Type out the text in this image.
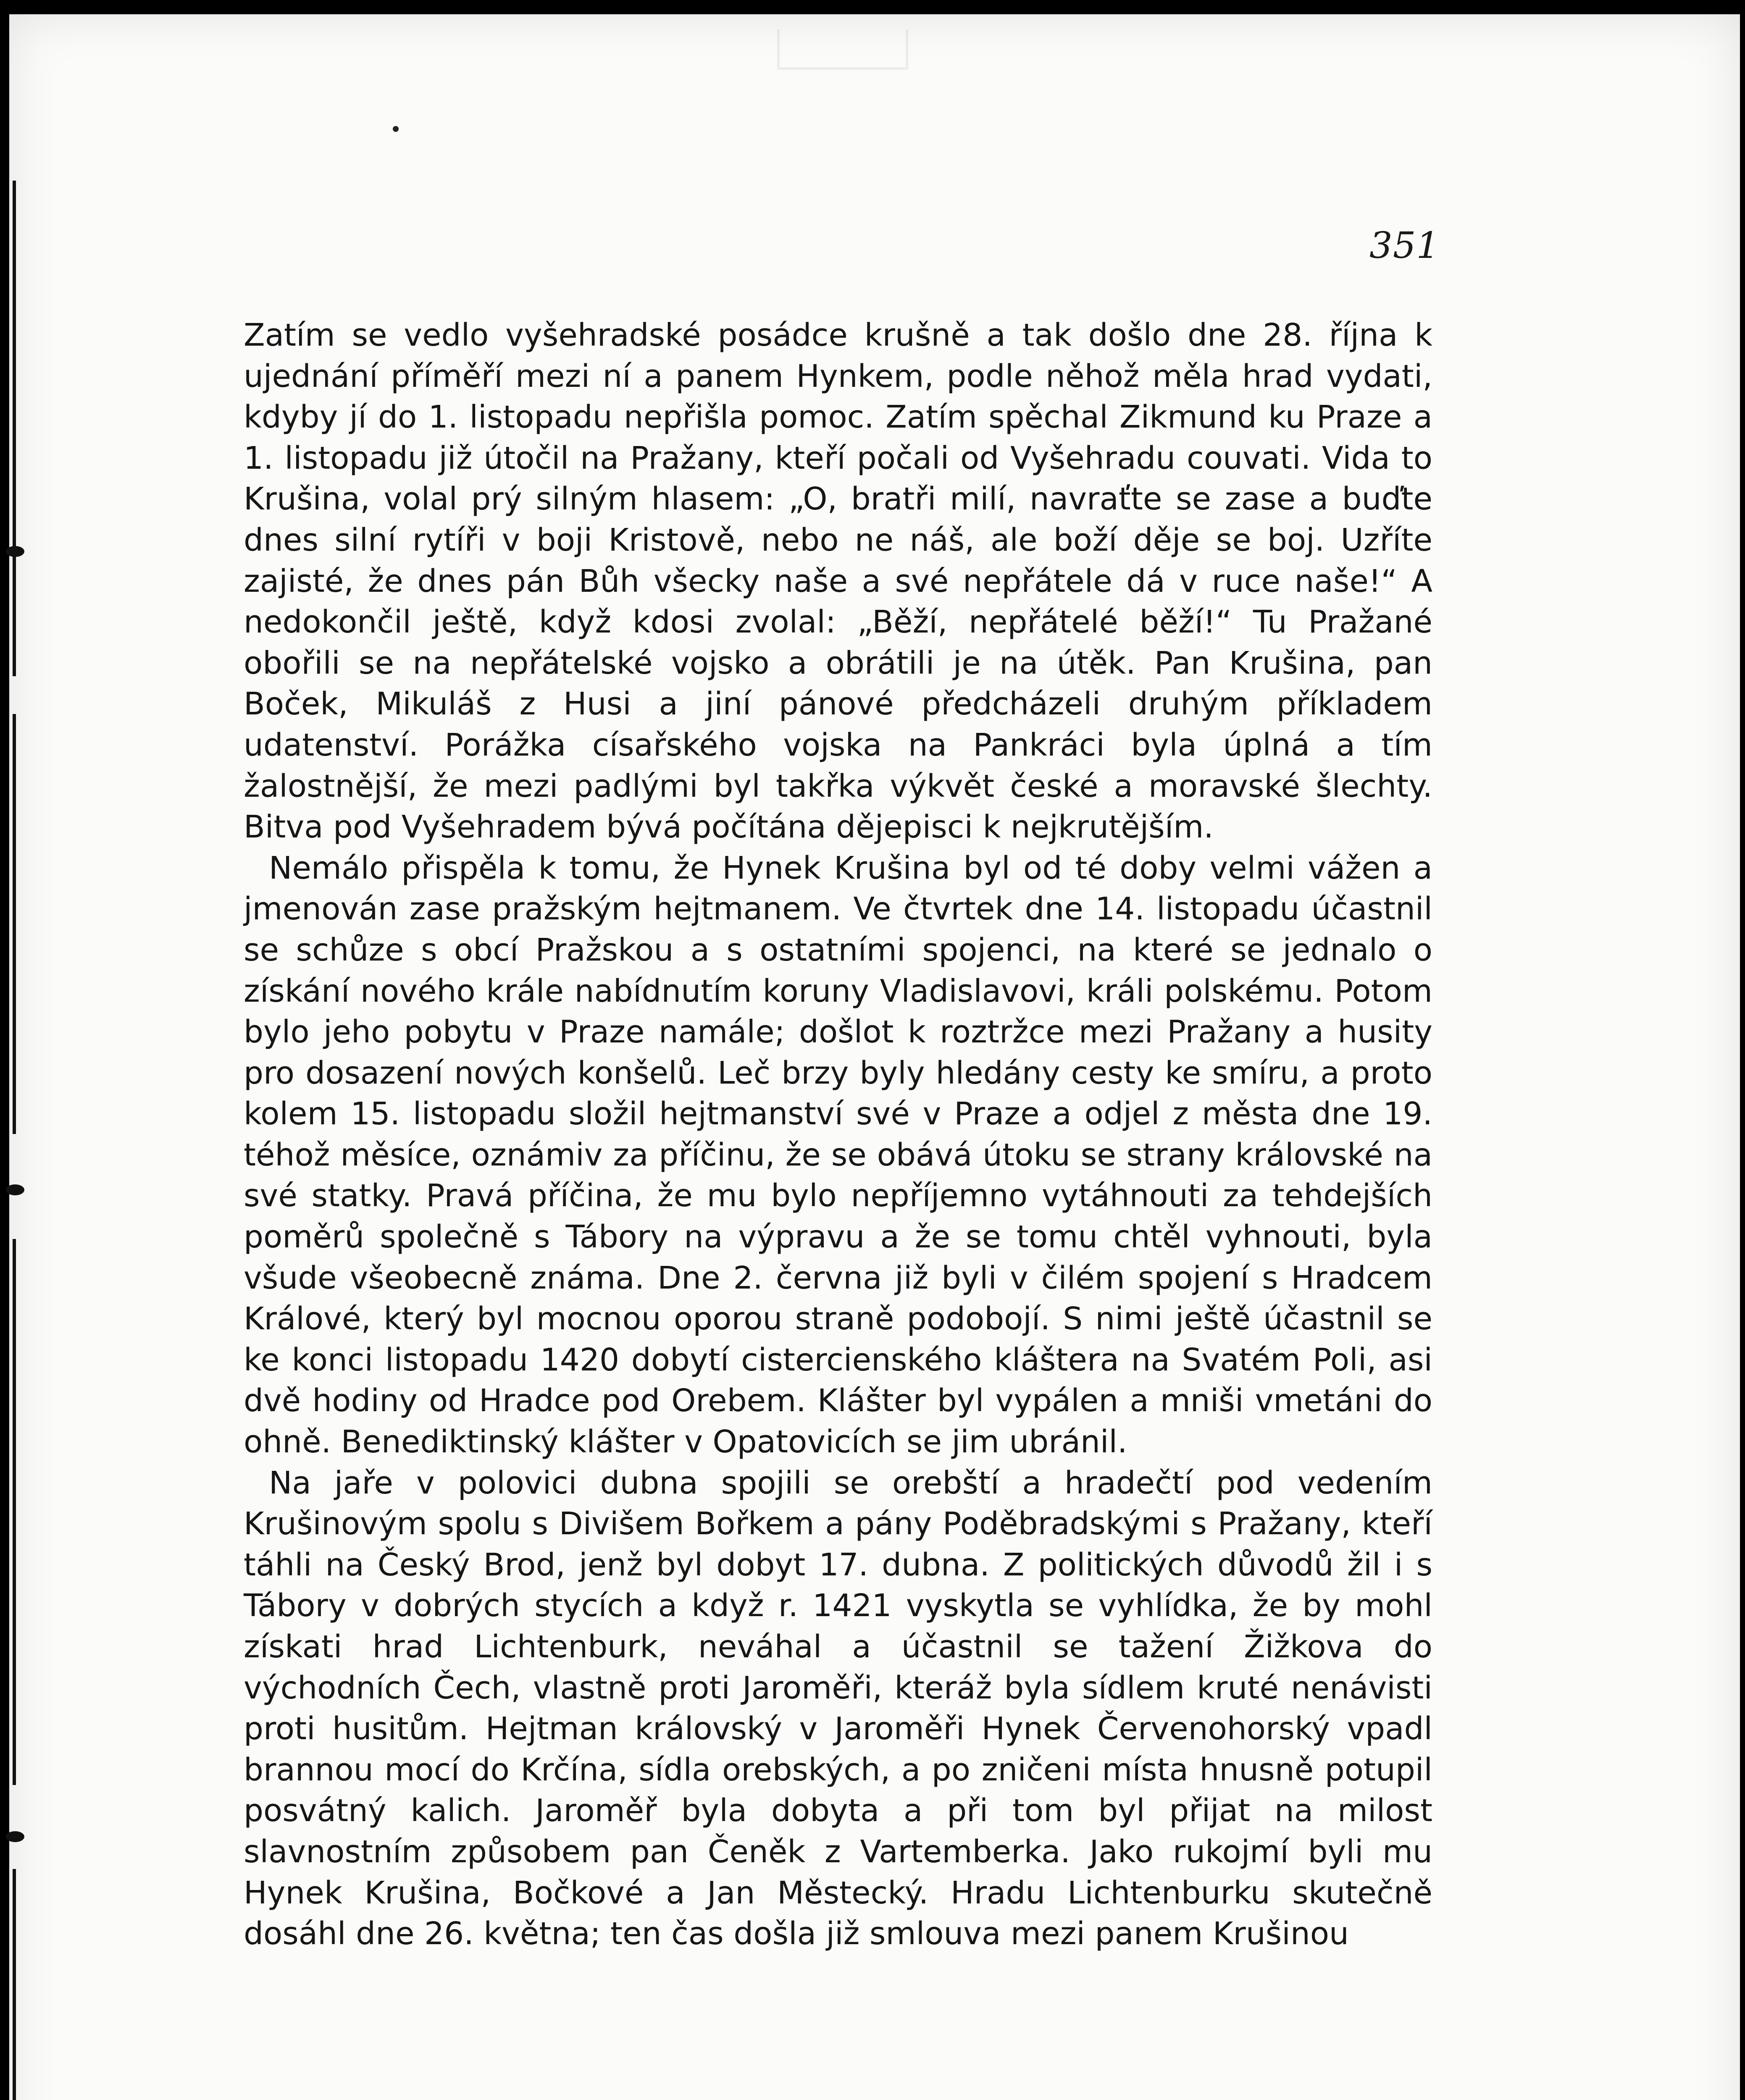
351

Zatím se vedlo vyšehradské posádce krušně a tak došlo dne 28. října k ujednání příměří mezi ní a panem Hynkem, podle něhož měla hrad vydati, kdyby jí do 1. listopadu nepřišla pomoc. Zatím spěchal Zikmund ku Praze a 1. listopadu již útočil na Pražany, kteří počali od Vyšehradu couvati. Vida to Krušina, volal prý silným hlasem: „O, bratři milí, navraťte se zase a buďte dnes silní rytíři v boji Kristově, nebo ne náš, ale boží děje se boj. Uzříte zajisté, že dnes pán Bůh všecky naše a své nepřátele dá v ruce naše!“ A nedokončil ještě, když kdosi zvolal: „Běží, nepřátelé běží!“ Tu Pražané obořili se na nepřátelské vojsko a obrátili je na útěk. Pan Krušina, pan Boček, Mikuláš z Husi a jiní pánové předcházeli druhým příkladem udatenství. Porážka císařského vojska na Pankráci byla úplná a tím žalostnější, že mezi padlými byl takřka výkvět české a moravské šlechty. Bitva pod Vyšehradem bývá počítána dějepisci k nejkrutějším.

Nemálo přispěla k tomu, že Hynek Krušina byl od té doby velmi vážen a jmenován zase pražským hejtmanem. Ve čtvrtek dne 14. listopadu účastnil se schůze s obcí Pražskou a s ostatními spojenci, na které se jednalo o získání nového krále nabídnutím koruny Vladislavovi, králi polskému. Potom bylo jeho pobytu v Praze namále; došlot k roztržce mezi Pražany a husity pro dosazení nových konšelů. Leč brzy byly hledány cesty ke smíru, a proto kolem 15. listopadu složil hejtmanství své v Praze a odjel z města dne 19. téhož měsíce, oznámiv za příčinu, že se obává útoku se strany královské na své statky. Pravá příčina, že mu bylo nepříjemno vytáhnouti za tehdejších poměrů společně s Tábory na výpravu a že se tomu chtěl vyhnouti, byla všude všeobecně známa. Dne 2. června již byli v čilém spojení s Hradcem Králové, který byl mocnou oporou straně podobojí. S nimi ještě účastnil se ke konci listopadu 1420 dobytí cistercienského kláštera na Svatém Poli, asi dvě hodiny od Hradce pod Orebem. Klášter byl vypálen a mniši vmetáni do ohně. Benediktinský klášter v Opatovicích se jim ubránil.

Na jaře v polovici dubna spojili se orebští a hradečtí pod vedením Krušinovým spolu s Divišem Bořkem a pány Poděbradskými s Pražany, kteří táhli na Český Brod, jenž byl dobyt 17. dubna. Z politických důvodů žil i s Tábory v dobrých stycích a když r. 1421 vyskytla se vyhlídka, že by mohl získati hrad Lichtenburk, neváhal a účastnil se tažení Žižkova do východních Čech, vlastně proti Jaroměři, kteráž byla sídlem kruté nenávisti proti husitům. Hejtman královský v Jaroměři Hynek Červenohorský vpadl brannou mocí do Krčína, sídla orebských, a po zničeni místa hnusně potupil posvátný kalich. Jaroměř byla dobyta a při tom byl přijat na milost slavnostním způsobem pan Čeněk z Vartemberka. Jako rukojmí byli mu Hynek Krušina, Bočkové a Jan Městecký. Hradu Lichtenburku skutečně dosáhl dne 26. května; ten čas došla již smlouva mezi panem Krušinou
